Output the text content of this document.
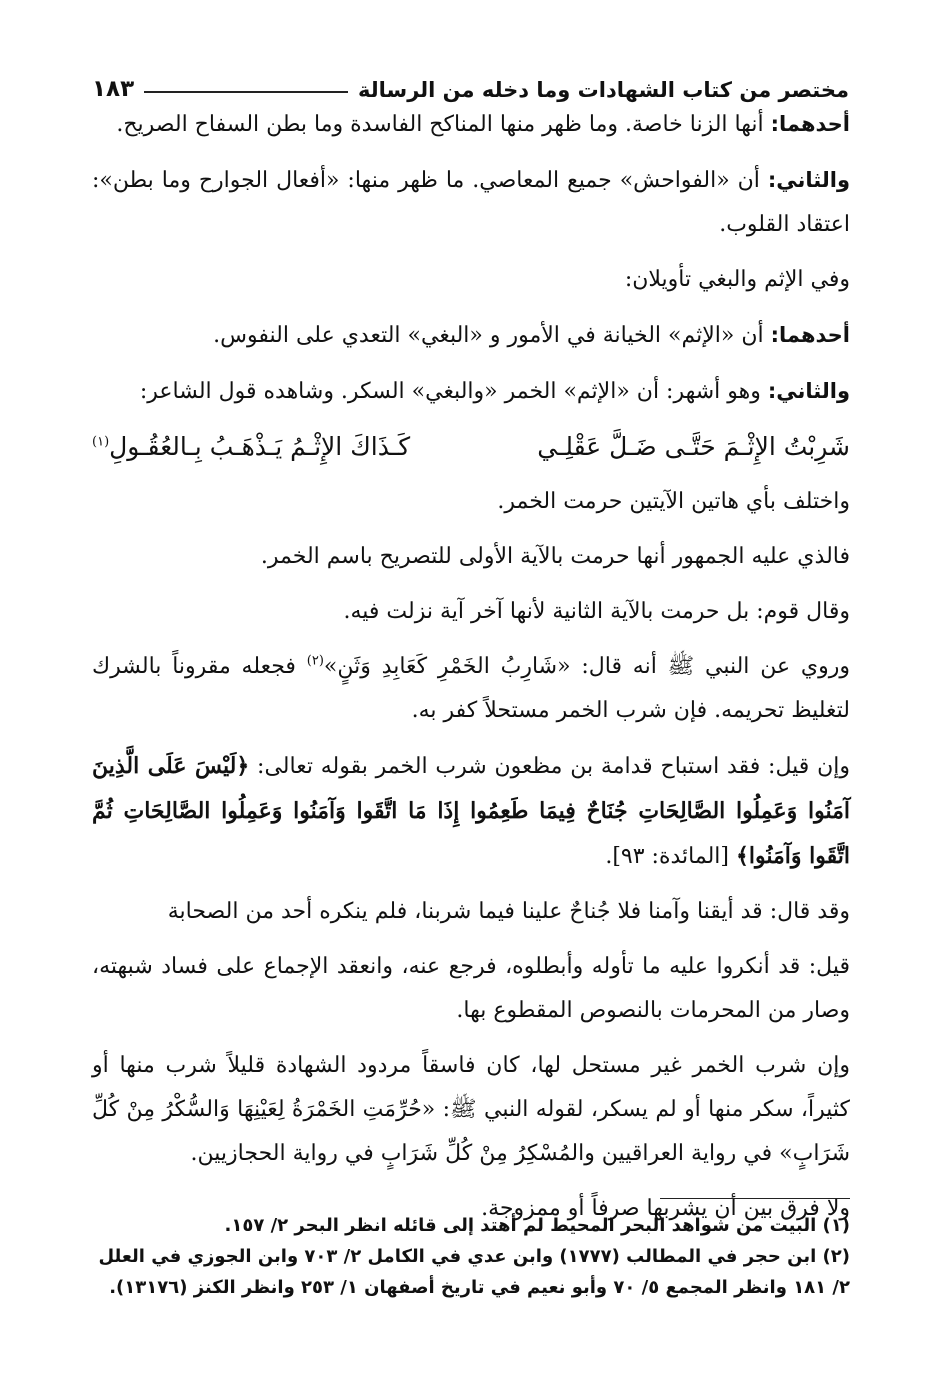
مختصر من كتاب الشهادات وما دخله من الرسالة
١٨٣

أحدهما: أنها الزنا خاصة. وما ظهر منها المناكح الفاسدة وما بطن السفاح الصريح.

والثاني: أن «الفواحش» جميع المعاصي. ما ظهر منها: «أفعال الجوارح وما بطن»: اعتقاد القلوب.

وفي الإثم والبغي تأويلان:

أحدهما: أن «الإثم» الخيانة في الأمور و «البغي» التعدي على النفوس.

والثاني: وهو أشهر: أن «الإثم» الخمر «والبغي» السكر. وشاهده قول الشاعر:

شَرِبْتُ الإِثْـمَ حَتَّـى ضَـلَّ عَقْلِـي
كَـذَاكَ الإِثْـمُ يَـذْهَـبُ بِـالعُقُـولِ$^{(١)}$

واختلف بأي هاتين الآيتين حرمت الخمر.

فالذي عليه الجمهور أنها حرمت بالآية الأولى للتصريح باسم الخمر.

وقال قوم: بل حرمت بالآية الثانية لأنها آخر آية نزلت فيه.

وروي عن النبي ﷺ أنه قال: «شَارِبُ الخَمْرِ كَعَابِدِ وَثَنٍ»$^{(٢)}$ فجعله مقروناً بالشرك لتغليظ تحريمه. فإن شرب الخمر مستحلاً كفر به.

وإن قيل: فقد استباح قدامة بن مظعون شرب الخمر بقوله تعالى: ﴿لَيْسَ عَلَى الَّذِينَ آمَنُوا وَعَمِلُوا الصَّالِحَاتِ جُنَاحٌ فِيمَا طَعِمُوا إِذَا مَا اتَّقَوا وَآمَنُوا وَعَمِلُوا الصَّالِحَاتِ ثُمَّ اتَّقَوا وَآمَنُوا﴾ [المائدة: ٩٣].

وقد قال: قد أيقنا وآمنا فلا جُناحٌ علينا فيما شربنا، فلم ينكره أحد من الصحابة

قيل: قد أنكروا عليه ما تأوله وأبطلوه، فرجع عنه، وانعقد الإجماع على فساد شبهته، وصار من المحرمات بالنصوص المقطوع بها.

وإن شرب الخمر غير مستحل لها، كان فاسقاً مردود الشهادة قليلاً شرب منها أو كثيراً، سكر منها أو لم يسكر، لقوله النبي ﷺ: «حُرِّمَتِ الخَمْرَةُ لِعَيْنِهَا وَالسُّكْرُ مِنْ كُلِّ شَرَابٍ» في رواية العراقيين والمُسْكِرُ مِنْ كُلِّ شَرَابٍ في رواية الحجازيين.

ولا فرق بين أن يشربها صرفاً أو ممزوجة.

(١) البيت من شواهد البحر المحيط لم أهتد إلى قائله انظر البحر ٢/ ١٥٧.

(٢) ابن حجر في المطالب (١٧٧٧) وابن عدي في الكامل ٢/ ٧٠٣ وابن الجوزي في العلل ٢/ ١٨١ وانظر المجمع ٥/ ٧٠ وأبو نعيم في تاريخ أصفهان ١/ ٢٥٣ وانظر الكنز (١٣١٧٦).
